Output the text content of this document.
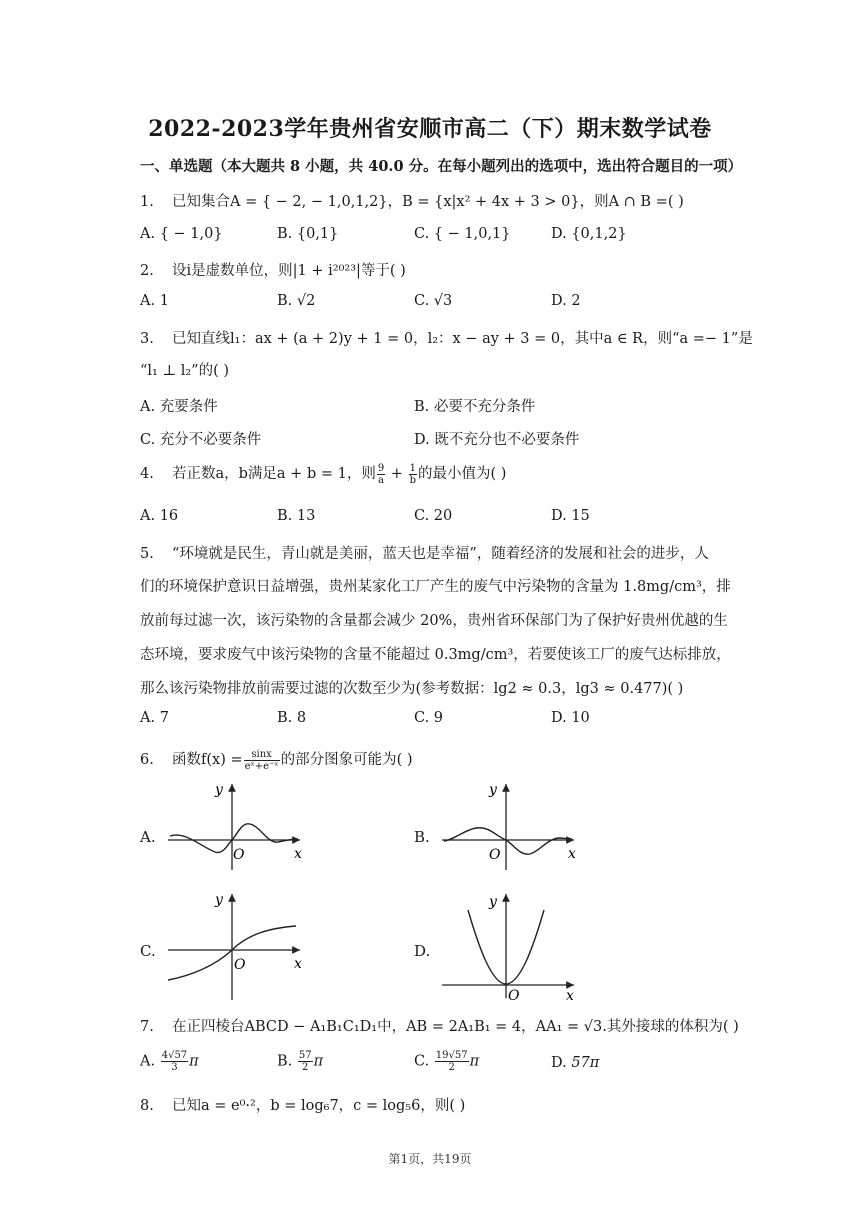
2022-2023学年贵州省安顺市高二（下）期末数学试卷
一、单选题（本大题共 8 小题，共 40.0 分。在每小题列出的选项中，选出符合题目的一项）
1. 已知集合A = { − 2, − 1,0,1,2}，B = {x|x² + 4x + 3 > 0}，则A ∩ B =( )
A. { − 1,0}	B. {0,1}	C. { − 1,0,1}	D. {0,1,2}
2. 设i是虚数单位，则|1 + i²⁰²³|等于( )
A. 1	B. √2	C. √3	D. 2
3. 已知直线l₁：ax + (a + 2)y + 1 = 0，l₂：x − ay + 3 = 0，其中a ∈ R，则“a =− 1”是
“l₁ ⊥ l₂”的( )
A. 充要条件	B. 必要不充分条件
C. 充分不必要条件	D. 既不充分也不必要条件
4. 若正数a，b满足a + b = 1，则 $\frac{9}{a} + \frac{1}{b}$ 的最小值为( )
A. 16	B. 13	C. 20	D. 15
5. “环境就是民生，青山就是美丽，蓝天也是幸福”，随着经济的发展和社会的进步，人
们的环境保护意识日益增强，贵州某家化工厂产生的废气中污染物的含量为 1.8mg/cm³，排
放前每过滤一次，该污染物的含量都会减少 20%，贵州省环保部门为了保护好贵州优越的生
态环境，要求废气中该污染物的含量不能超过 0.3mg/cm³，若要使该工厂的废气达标排放，
那么该污染物排放前需要过滤的次数至少为(参考数据：lg2 ≈ 0.3，lg3 ≈ 0.477)( )
A. 7	B. 8	C. 9	D. 10
6. 函数$f(x) = \frac{\sin x}{\text{eˣ+e⁻ˣ}}$ 的部分图象可能为( )
A.
y
x
O
B.
y
x
O
C.
y
x
O
D.
y
x
O
7. 在正四棱台ABCD − A₁B₁C₁D₁中，AB = 2A₁B₁ = 4，AA₁ = √3.其外接球的体积为( )
A. $\frac{4√57}{3}$ π	B. $\frac{57}{2}$ π	C. $\frac{19√57}{2}$ π	D. 57π
8. 已知a = e⁰·²，b = log₆7，c = log₅6，则( )
第1页，共19页
